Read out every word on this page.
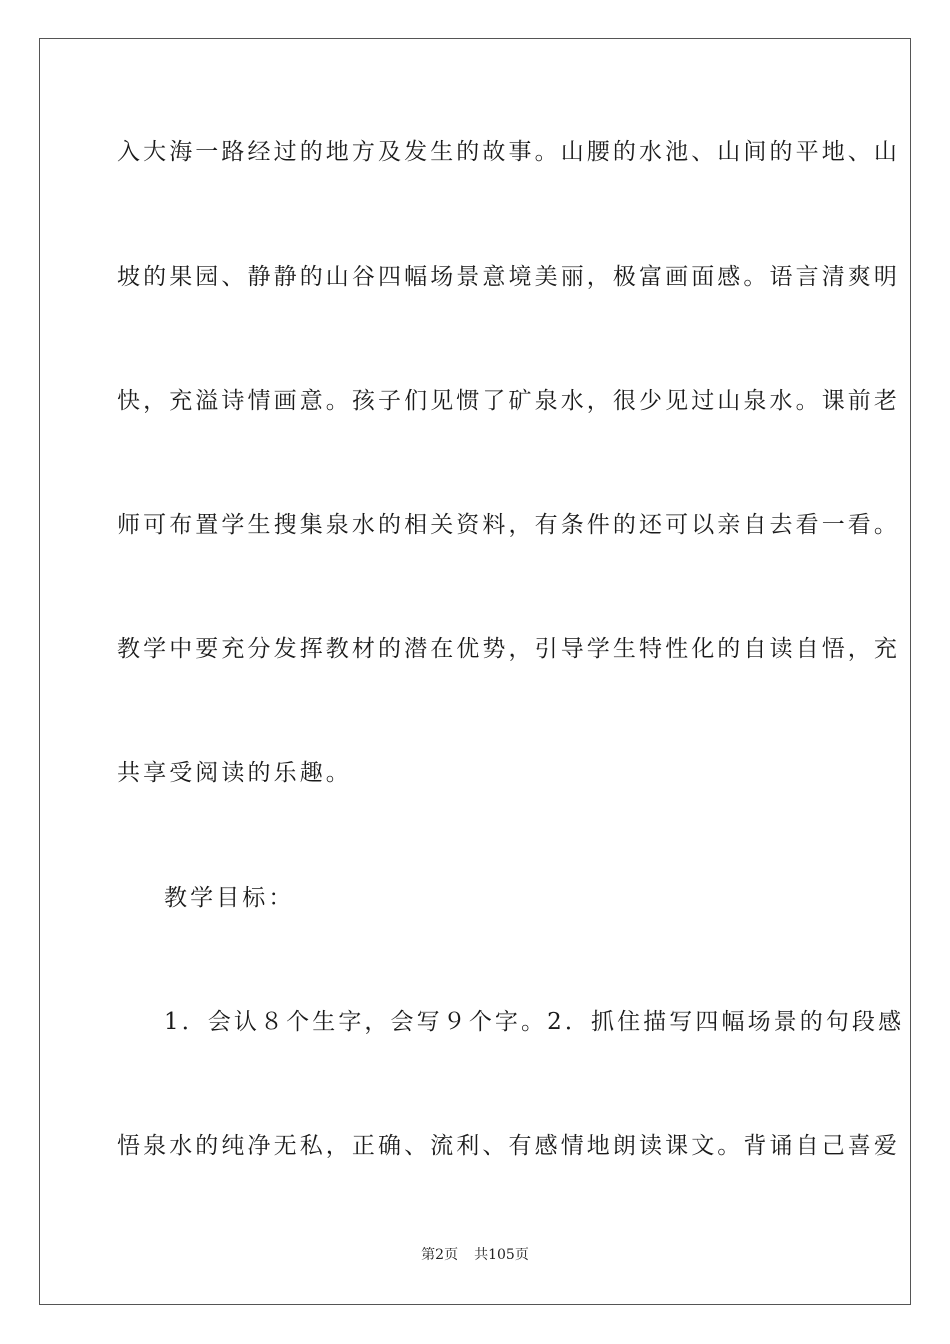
入大海一路经过的地方及发生的故事。山腰的水池、山间的平地、山
坡的果园、静静的山谷四幅场景意境美丽，极富画面感。语言清爽明
快，充溢诗情画意。孩子们见惯了矿泉水，很少见过山泉水。课前老
师可布置学生搜集泉水的相关资料，有条件的还可以亲自去看一看。
教学中要充分发挥教材的潜在优势，引导学生特性化的自读自悟，充
共享受阅读的乐趣。
教学目标：
1．会认８个生字，会写９个字。2．抓住描写四幅场景的句段感
悟泉水的纯净无私，正确、流利、有感情地朗读课文。背诵自己喜爱
第2页 共105页
